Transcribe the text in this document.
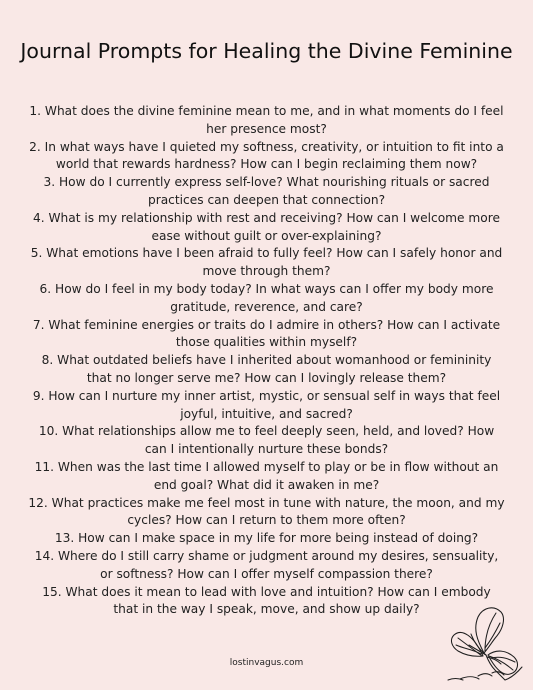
Journal Prompts for Healing the Divine Feminine
1. What does the divine feminine mean to me, and in what moments do I feel her presence most?
2. In what ways have I quieted my softness, creativity, or intuition to fit into a world that rewards hardness? How can I begin reclaiming them now?
3. How do I currently express self-love? What nourishing rituals or sacred practices can deepen that connection?
4. What is my relationship with rest and receiving? How can I welcome more ease without guilt or over-explaining?
5. What emotions have I been afraid to fully feel? How can I safely honor and move through them?
6. How do I feel in my body today? In what ways can I offer my body more gratitude, reverence, and care?
7. What feminine energies or traits do I admire in others? How can I activate those qualities within myself?
8. What outdated beliefs have I inherited about womanhood or femininity that no longer serve me? How can I lovingly release them?
9. How can I nurture my inner artist, mystic, or sensual self in ways that feel joyful, intuitive, and sacred?
10. What relationships allow me to feel deeply seen, held, and loved? How can I intentionally nurture these bonds?
11. When was the last time I allowed myself to play or be in flow without an end goal? What did it awaken in me?
12. What practices make me feel most in tune with nature, the moon, and my cycles? How can I return to them more often?
13. How can I make space in my life for more being instead of doing?
14. Where do I still carry shame or judgment around my desires, sensuality, or softness? How can I offer myself compassion there?
15. What does it mean to lead with love and intuition? How can I embody that in the way I speak, move, and show up daily?
lostinvagus.com
